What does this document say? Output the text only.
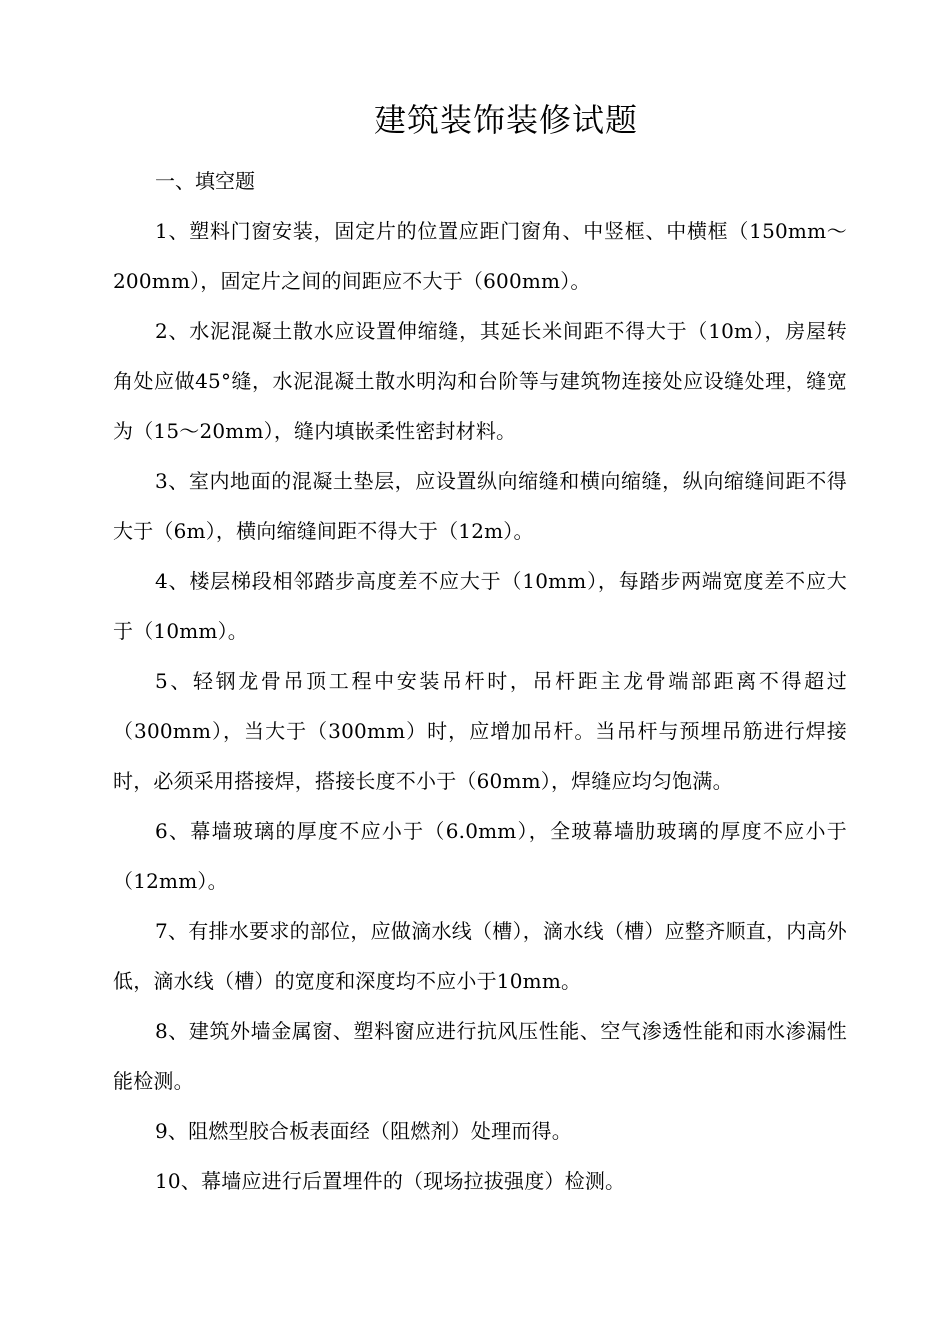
建筑装饰装修试题

一、填空题

1、塑料门窗安装，固定片的位置应距门窗角、中竖框、中横框（150mm～200mm），固定片之间的间距应不大于（600mm）。

2、水泥混凝土散水应设置伸缩缝，其延长米间距不得大于（10m），房屋转角处应做45°缝，水泥混凝土散水明沟和台阶等与建筑物连接处应设缝处理，缝宽为（15～20mm），缝内填嵌柔性密封材料。

3、室内地面的混凝土垫层，应设置纵向缩缝和横向缩缝，纵向缩缝间距不得大于（6m），横向缩缝间距不得大于（12m）。

4、楼层梯段相邻踏步高度差不应大于（10mm），每踏步两端宽度差不应大于（10mm）。

5、轻钢龙骨吊顶工程中安装吊杆时，吊杆距主龙骨端部距离不得超过（300mm），当大于（300mm）时，应增加吊杆。当吊杆与预埋吊筋进行焊接时，必须采用搭接焊，搭接长度不小于（60mm），焊缝应均匀饱满。

6、幕墙玻璃的厚度不应小于（6.0mm），全玻幕墙肋玻璃的厚度不应小于（12mm）。

7、有排水要求的部位，应做滴水线（槽），滴水线（槽）应整齐顺直，内高外低，滴水线（槽）的宽度和深度均不应小于10mm。

8、建筑外墙金属窗、塑料窗应进行抗风压性能、空气渗透性能和雨水渗漏性能检测。

9、阻燃型胶合板表面经（阻燃剂）处理而得。

10、幕墙应进行后置埋件的（现场拉拔强度）检测。
